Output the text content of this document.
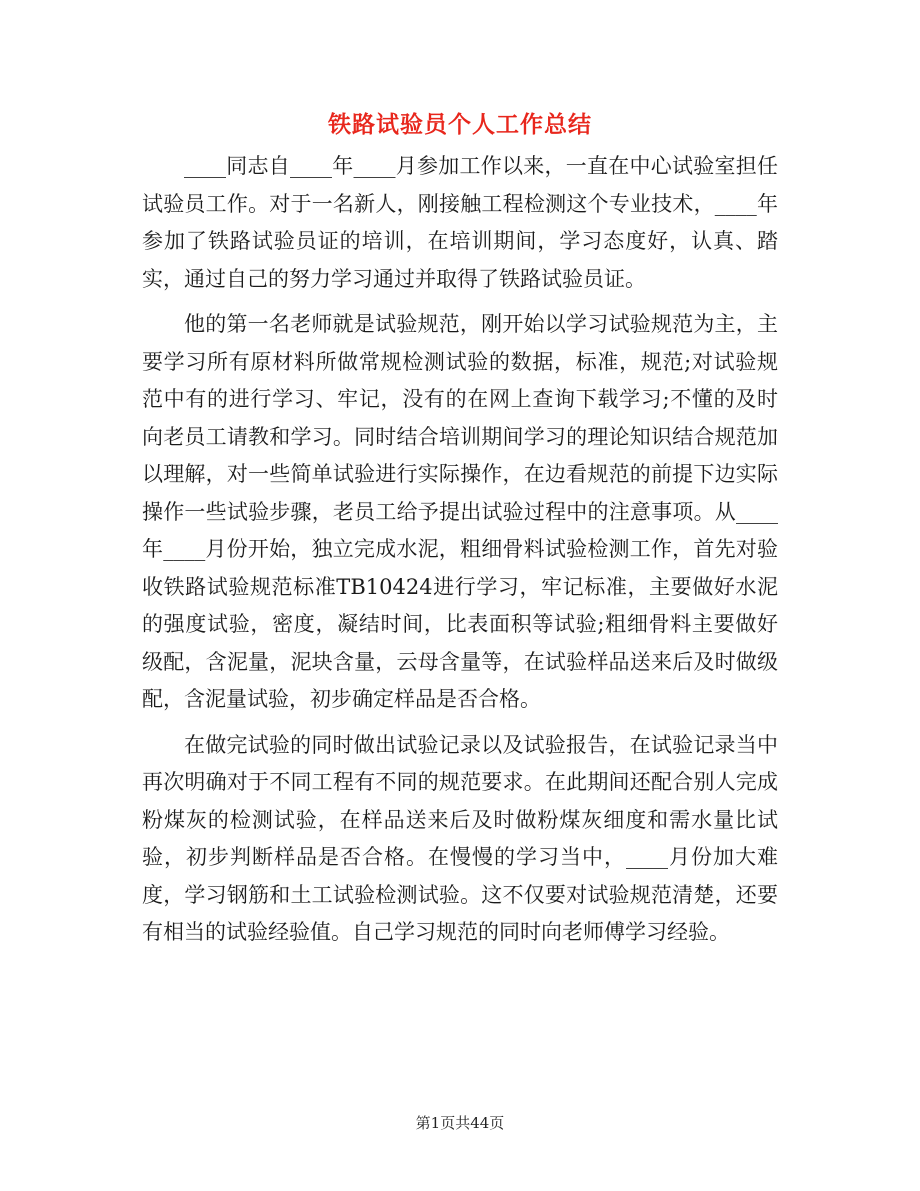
铁路试验员个人工作总结

____同志自____年____月参加工作以来，一直在中心试验室担任试验员工作。对于一名新人，刚接触工程检测这个专业技术，____年参加了铁路试验员证的培训，在培训期间，学习态度好，认真、踏实，通过自己的努力学习通过并取得了铁路试验员证。

他的第一名老师就是试验规范，刚开始以学习试验规范为主，主要学习所有原材料所做常规检测试验的数据，标准，规范;对试验规范中有的进行学习、牢记，没有的在网上查询下载学习;不懂的及时向老员工请教和学习。同时结合培训期间学习的理论知识结合规范加以理解，对一些简单试验进行实际操作，在边看规范的前提下边实际操作一些试验步骤，老员工给予提出试验过程中的注意事项。从____年____月份开始，独立完成水泥，粗细骨料试验检测工作，首先对验收铁路试验规范标准TB10424进行学习，牢记标准，主要做好水泥的强度试验，密度，凝结时间，比表面积等试验;粗细骨料主要做好级配，含泥量，泥块含量，云母含量等，在试验样品送来后及时做级配，含泥量试验，初步确定样品是否合格。

在做完试验的同时做出试验记录以及试验报告，在试验记录当中再次明确对于不同工程有不同的规范要求。在此期间还配合别人完成粉煤灰的检测试验，在样品送来后及时做粉煤灰细度和需水量比试验，初步判断样品是否合格。在慢慢的学习当中，____月份加大难度，学习钢筋和土工试验检测试验。这不仅要对试验规范清楚，还要有相当的试验经验值。自己学习规范的同时向老师傅学习经验。

第1页共44页
